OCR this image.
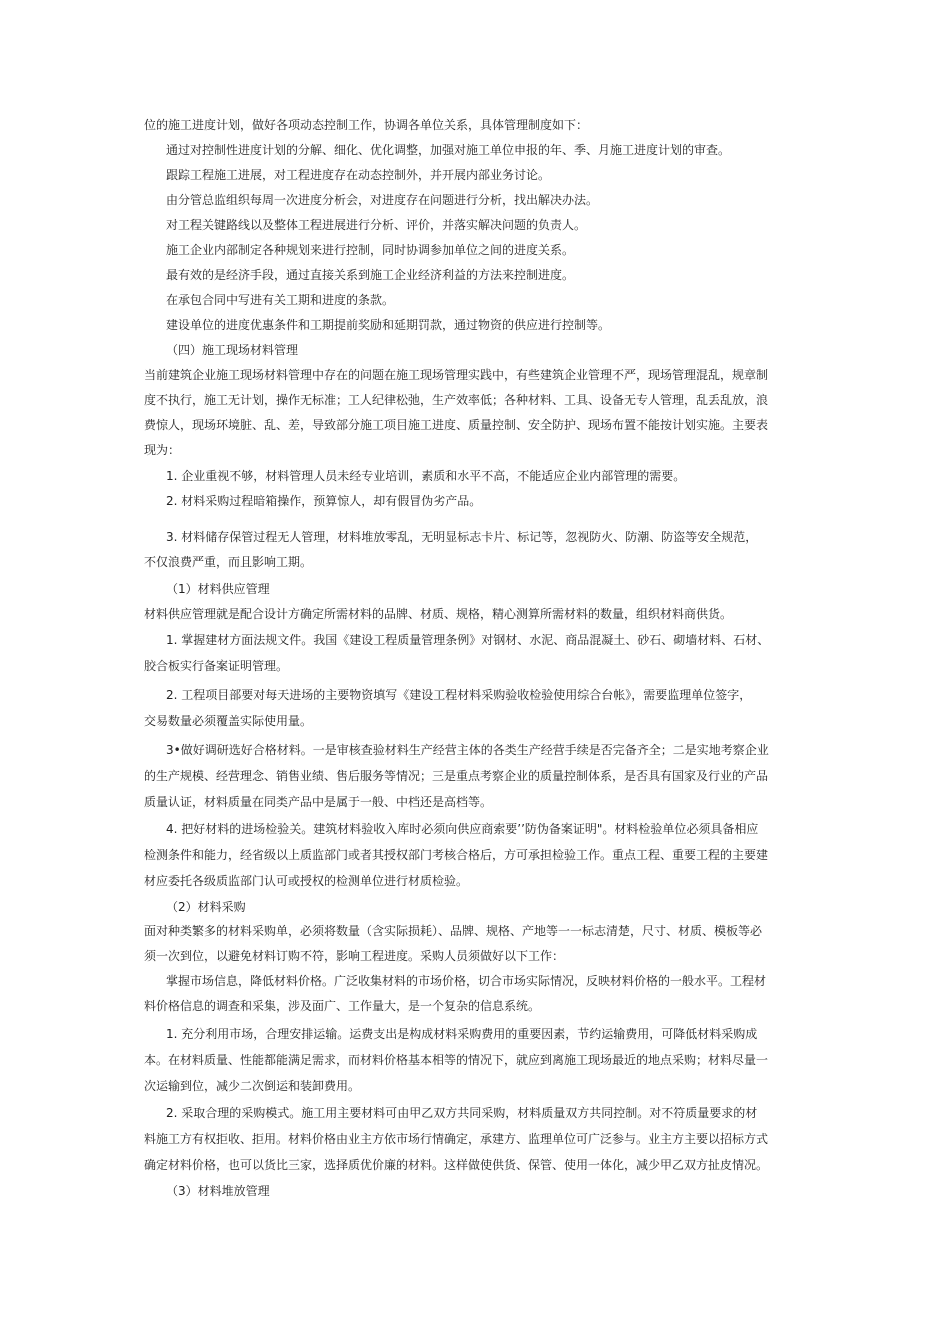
位的施工进度计划，做好各项动态控制工作，协调各单位关系，具体管理制度如下：
通过对控制性进度计划的分解、细化、优化调整，加强对施工单位申报的年、季、月施工进度计划的审查。
跟踪工程施工进展，对工程进度存在动态控制外，并开展内部业务讨论。
由分管总监组织每周一次进度分析会，对进度存在问题进行分析，找出解决办法。
对工程关键路线以及整体工程进展进行分析、评价，并落实解决问题的负责人。
施工企业内部制定各种规划来进行控制，同时协调参加单位之间的进度关系。
最有效的是经济手段，通过直接关系到施工企业经济利益的方法来控制进度。
在承包合同中写进有关工期和进度的条款。
建设单位的进度优惠条件和工期提前奖励和延期罚款，通过物资的供应进行控制等。
（四）施工现场材料管理
当前建筑企业施工现场材料管理中存在的问题在施工现场管理实践中，有些建筑企业管理不严，现场管理混乱，规章制
度不执行，施工无计划，操作无标准；工人纪律松弛，生产效率低；各种材料、工具、设备无专人管理，乱丢乱放，浪
费惊人，现场环境脏、乱、差，导致部分施工项目施工进度、质量控制、安全防护、现场布置不能按计划实施。主要表
现为：
1. 企业重视不够，材料管理人员未经专业培训，素质和水平不高，不能适应企业内部管理的需要。
2. 材料采购过程暗箱操作，预算惊人，却有假冒伪劣产品。
3. 材料储存保管过程无人管理，材料堆放零乱，无明显标志卡片、标记等，忽视防火、防潮、防盗等安全规范，
不仅浪费严重，而且影响工期。
（1）材料供应管理
材料供应管理就是配合设计方确定所需材料的品牌、材质、规格，精心测算所需材料的数量，组织材料商供货。
1. 掌握建材方面法规文件。我国《建设工程质量管理条例》对钢材、水泥、商品混凝土、砂石、砌墙材料、石材、
胶合板实行备案证明管理。
2. 工程项目部要对每天进场的主要物资填写《建设工程材料采购验收检验使用综合台帐》，需要监理单位签字，
交易数量必须覆盖实际使用量。
3•做好调研选好合格材料。一是审核查验材料生产经营主体的各类生产经营手续是否完备齐全；二是实地考察企业
的生产规模、经营理念、销售业绩、售后服务等情况；三是重点考察企业的质量控制体系，是否具有国家及行业的产品
质量认证，材料质量在同类产品中是属于一般、中档还是高档等。
4. 把好材料的进场检验关。建筑材料验收入库时必须向供应商索要’’防伪备案证明"。材料检验单位必须具备相应
检测条件和能力，经省级以上质监部门或者其授权部门考核合格后，方可承担检验工作。重点工程、重要工程的主要建
材应委托各级质监部门认可或授权的检测单位进行材质检验。
（2）材料采购
面对种类繁多的材料采购单，必须将数量（含实际损耗）、品牌、规格、产地等一一标志清楚，尺寸、材质、模板等必
须一次到位，以避免材料订购不符，影响工程进度。采购人员须做好以下工作：
掌握市场信息，降低材料价格。广泛收集材料的市场价格，切合市场实际情况，反映材料价格的一般水平。工程材
料价格信息的调查和采集，涉及面广、工作量大，是一个复杂的信息系统。
1. 充分利用市场，合理安排运输。运费支出是构成材料采购费用的重要因素，节约运输费用，可降低材料采购成
本。在材料质量、性能都能满足需求，而材料价格基本相等的情况下，就应到离施工现场最近的地点采购；材料尽量一
次运输到位，减少二次倒运和装卸费用。
2. 采取合理的采购模式。施工用主要材料可由甲乙双方共同采购，材料质量双方共同控制。对不符质量要求的材
料施工方有权拒收、拒用。材料价格由业主方依市场行情确定，承建方、监理单位可广泛参与。业主方主要以招标方式
确定材料价格，也可以货比三家，选择质优价廉的材料。这样做使供货、保管、使用一体化，减少甲乙双方扯皮情况。
（3）材料堆放管理
